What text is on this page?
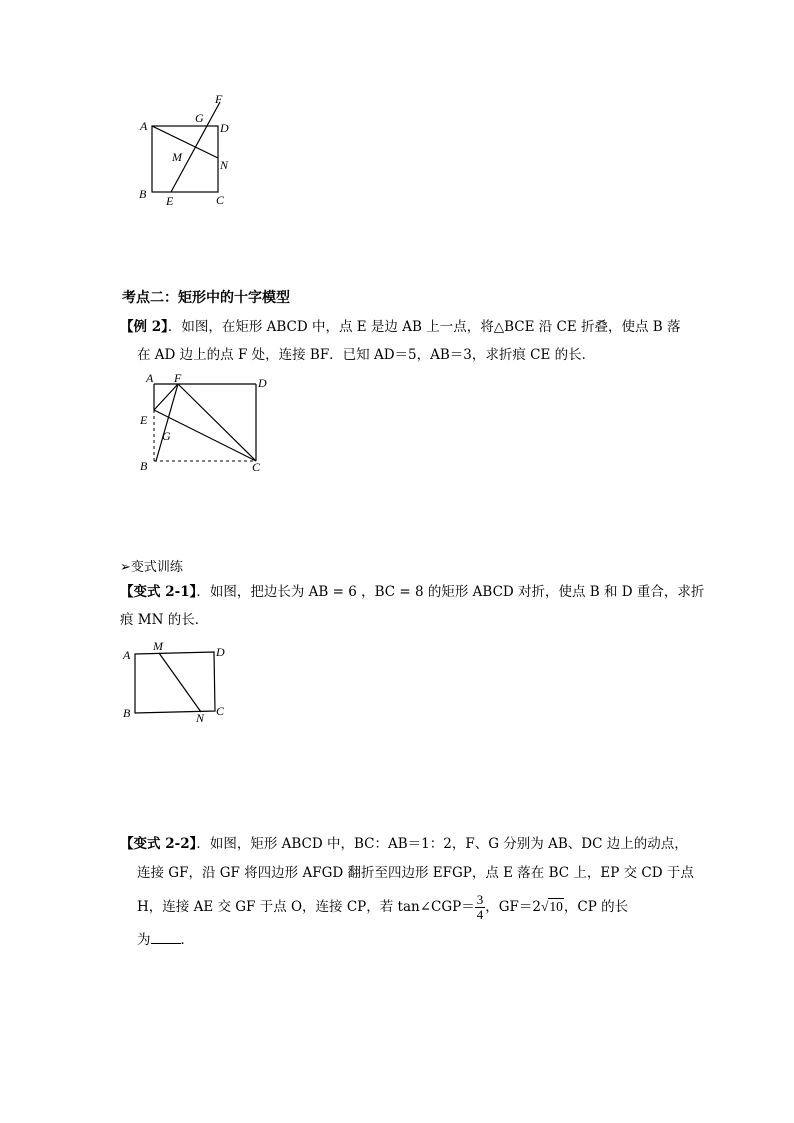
A
B	C
D
E
F
G
M
N
考点二：矩形中的十字模型
【例 2】．如图，在矩形 ABCD 中，点 E 是边 AB 上一点，将△BCE 沿 CE 折叠，使点 B 落
在 AD 边上的点 F 处，连接 BF．已知 AD＝5，AB＝3，求折痕 CE 的长．
A F	D
E
G
B	C
➢变式训练
【变式 2-1】．如图，把边长为 AB = 6 ，BC = 8 的矩形 ABCD 对折，使点 B 和 D 重合，求折
痕 MN 的长．
A
M	D
B	N C
【变式 2-2】．如图，矩形 ABCD 中，BC：AB＝1：2，F、G 分别为 AB、DC 边上的动点，
连接 GF，沿 GF 将四边形 AFGD 翻折至四边形 EFGP，点 E 落在 BC 上，EP 交 CD 于点
H，连接 AE 交 GF 于点 O，连接 CP，若 tan∠CGP＝ $\frac{3}{4}$ ，GF＝2√10，CP 的长
为 ．
